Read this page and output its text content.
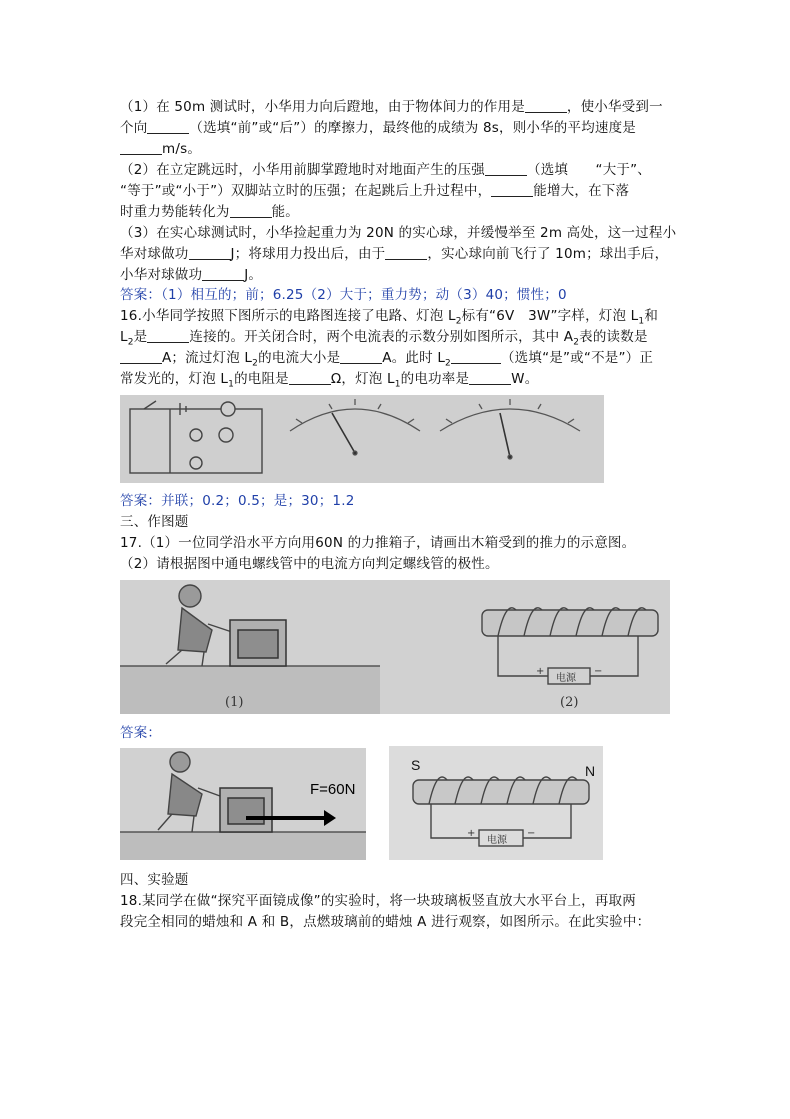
（1）在 50m 测试时，小华用力向后蹬地，由于物体间力的作用是	，使小华受到一
个向	（选填“前”或“后”）的摩擦力，最终他的成绩为 8s，则小华的平均速度是
m/s。
（2）在立定跳远时，小华用前脚掌蹬地时对地面产生的压强	（选填　　“大于”、
“等于”或“小于”）双脚站立时的压强；在起跳后上升过程中，	能增大，在下落
时重力势能转化为	能。
（3）在实心球测试时，小华捡起重力为 20N 的实心球，并缓慢举至 2m 高处，这一过程小
华对球做功	J；将球用力投出后，由于	，实心球向前飞行了 10m；球出手后，
小华对球做功	J。
答案：（1）相互的；前；6.25（2）大于；重力势；动（3）40；惯性；0
16.小华同学按照下图所示的电路图连接了电路、灯泡 $L_2$标有“6V　3W”字样，灯泡 $L_1$和
$L_2$是	连接的。开关闭合时，两个电流表的示数分别如图所示，其中 $A_2$表的读数是
A；流过灯泡 $L_2$的电流大小是	A。此时 $L_2$	（选填“是”或“不是”）正
常发光的，灯泡 $L_1$的电阻是	Ω，灯泡 $L_1$的电功率是	W。
答案：并联；0.2；0.5；是；30；1.2
三、作图题
17.（1）一位同学沿水平方向用60N 的力推箱子，请画出木箱受到的推力的示意图。
（2）请根据图中通电螺线管中的电流方向判定螺线管的极性。
(1)
电源
+	−
(2)
答案：
F=60N
S	N
电源
+	−
四、实验题
18.某同学在做“探究平面镜成像”的实验时，将一块玻璃板竖直放大水平台上，再取两
段完全相同的蜡烛和 A 和 B，点燃玻璃前的蜡烛 A 进行观察，如图所示。在此实验中：
